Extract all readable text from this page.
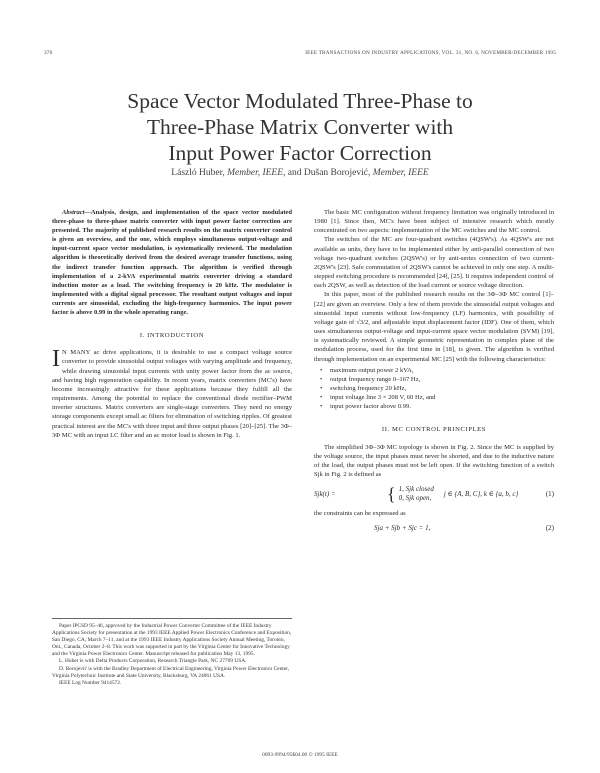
370	IEEE TRANSACTIONS ON INDUSTRY APPLICATIONS, VOL. 31, NO. 6, NOVEMBER/DECEMBER 1995
Space Vector Modulated Three-Phase to
Three-Phase Matrix Converter with
Input Power Factor Correction
László Huber, Member, IEEE, and Dušan Borojević, Member, IEEE

Abstract—Analysis, design, and implementation of the space vector modulated three-phase to three-phase matrix converter with input power factor correction are presented. The majority of published research results on the matrix converter control is given an overview, and the one, which employs simultaneous output-voltage and input-current space vector modulation, is systematically reviewed. The modulation algorithm is theoretically derived from the desired average transfer functions, using the indirect transfer function approach. The algorithm is verified through implementation of a 2-kVA experimental matrix converter driving a standard induction motor as a load. The switching frequency is 20 kHz. The modulator is implemented with a digital signal processor. The resultant output voltages and input currents are sinusoidal, excluding the high-frequency harmonics. The input power factor is above 0.99 in the whole operating range.

I. INTRODUCTION

I N MANY ac drive applications, it is desirable to use a compact voltage source converter to provide sinusoidal output voltages with varying amplitude and frequency, while drawing sinusoidal input currents with unity power factor from the ac source, and having high regeneration capability. In recent years, matrix converters (MC's) have become increasingly attractive for these applications because they fulfill all the requirements. Among the potential to replace the conventional diode rectifier–PWM inverter structures. Matrix converters are single-stage converters. They need no energy storage components except small ac filters for elimination of switching ripples. Of greatest practical interest are the MC's with three input and three output phases [20]–[25]. The 3Φ–3Φ MC with an input LC filter and an ac motor load is shown in Fig. 1.

Paper IPCSD 95–46, approved by the Industrial Power Converter Committee of the IEEE Industry Applications Society for presentation at the 1993 IEEE Applied Power Electronics Conference and Exposition, San Diego, CA, March 7–11, and at the 1993 IEEE Industry Applications Society Annual Meeting, Toronto, Ont., Canada, October 2–8. This work was supported in part by the Virginia Center for Innovative Technology and the Virginia Power Electronics Center. Manuscript released for publication May 13, 1995.
L. Huber is with Delta Products Corporation, Research Triangle Park, NC 27709 USA.
D. Borojević is with the Bradley Department of Electrical Engineering, Virginia Power Electronics Center, Virginia Polytechnic Institute and State University, Blacksburg, VA 24061 USA.
IEEE Log Number 9414572.

The basic MC configuration without frequency limitation was originally introduced in 1980 [1]. Since then, MC's have been subject of intensive research which mostly concentrated on two aspects: implementation of the MC switches and the MC control.

The switches of the MC are four-quadrant switches (4QSW's). As 4QSW's are not available as units, they have to be implemented either by anti-parallel connection of two voltage two-quadrant switches (2QSW's) or by anti-series connection of two current-2QSW's [23]. Safe commutation of 2QSW's cannot be achieved in only one step. A multi-stepped switching procedure is recommended [24], [25]. It requires independent control of each 2QSW, as well as detection of the load current or source voltage direction.

In this paper, most of the published research results on the 3Φ–3Φ MC control [1]–[22] are given an overview. Only a few of them provide the sinusoidal output voltages and sinusoidal input currents without low-frequency (LF) harmonics, with possibility of voltage gain of √3/2, and adjustable input displacement factor (IDF). One of them, which uses simultaneous output-voltage and input-current space vector modulation (SVM) [19], is systematically reviewed. A simple geometric representation in complex plane of the modulation process, used for the first time in [18], is given. The algorithm is verified through implementation on an experimental MC [25] with the following characteristics:

• maximum output power 2 kVA,
• output frequency range 0–167 Hz,
• switching frequency 20 kHz,
• input voltage line 3 × 208 V, 60 Hz, and
• input power factor above 0.99.
II. MC CONTROL PRINCIPLES

The simplified 3Φ–3Φ MC topology is shown in Fig. 2. Since the MC is supplied by the voltage source, the input phases must never be shorted, and due to the inductive nature of the load, the output phases must not be left open. If the switching function of a switch Sjk in Fig. 2 is defined as

Sjk(t) =	{ 1, Sjk closed
0, Sjk open,
j ∈ {A, B, C}, k ∈ {a, b, c}	(1)

the constraints can be expressed as

Sja + Sjb + Sjc = 1,	(2)
0093-9994/95$04.00 © 1995 IEEE
